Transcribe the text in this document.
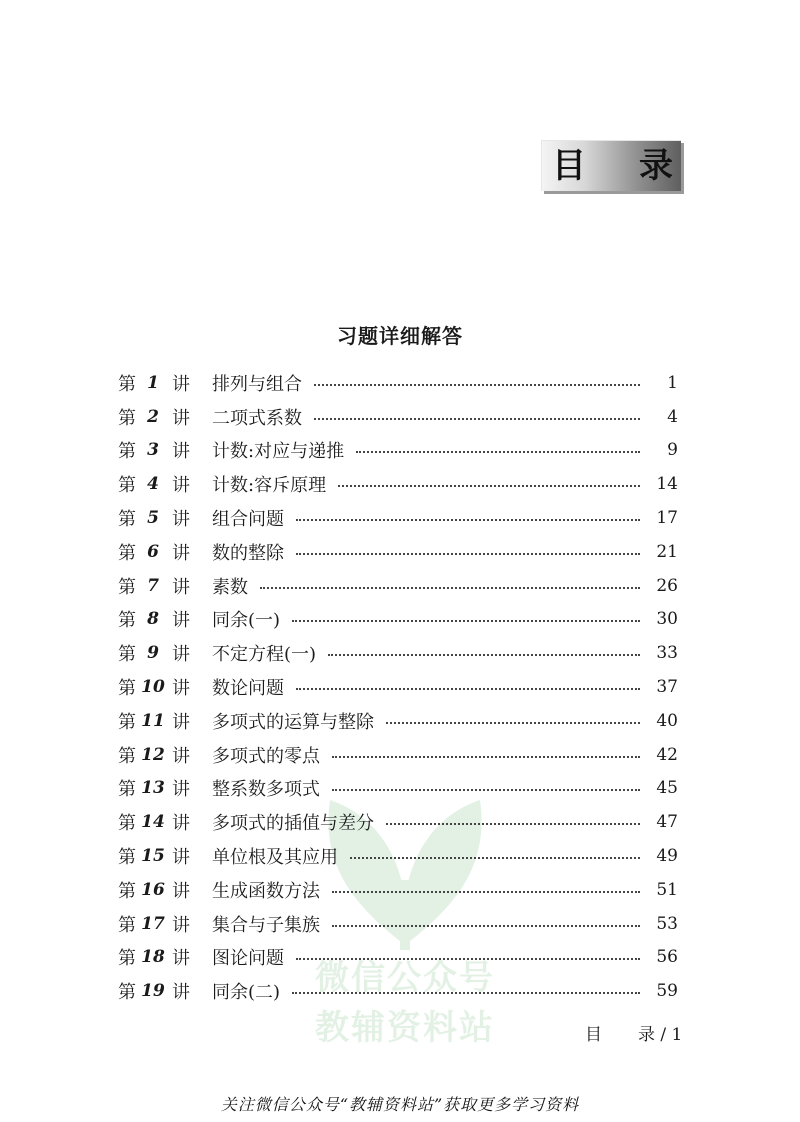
目 录
习题详细解答
微信公众号
教辅资料站
第 1 讲 排列与组合	1
第 2 讲 二项式系数	4
第 3 讲 计数:对应与递推	9
第 4 讲 计数:容斥原理	14
第 5 讲 组合问题	17
第 6 讲 数的整除	21
第 7 讲 素数	26
第 8 讲 同余(一)	30
第 9 讲 不定方程(一)	33
第 10 讲 数论问题	37
第 11 讲 多项式的运算与整除	40
第 12 讲 多项式的零点	42
第 13 讲 整系数多项式	45
第 14 讲 多项式的插值与差分	47
第 15 讲 单位根及其应用	49
第 16 讲 生成函数方法	51
第 17 讲 集合与子集族	53
第 18 讲 图论问题	56
第 19 讲 同余(二)	59
目 录 / 1
关注微信公众号“教辅资料站”获取更多学习资料
